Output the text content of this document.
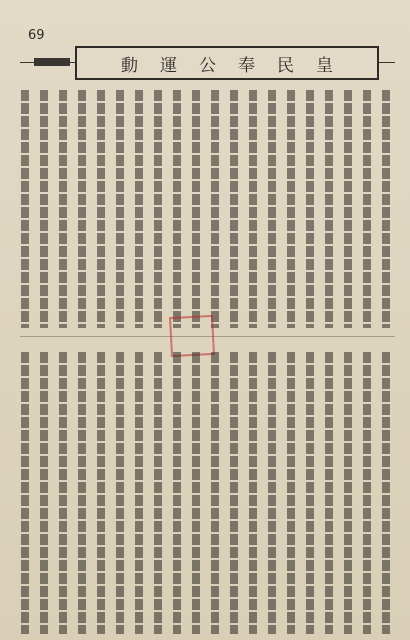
69
皇民奉公運動
